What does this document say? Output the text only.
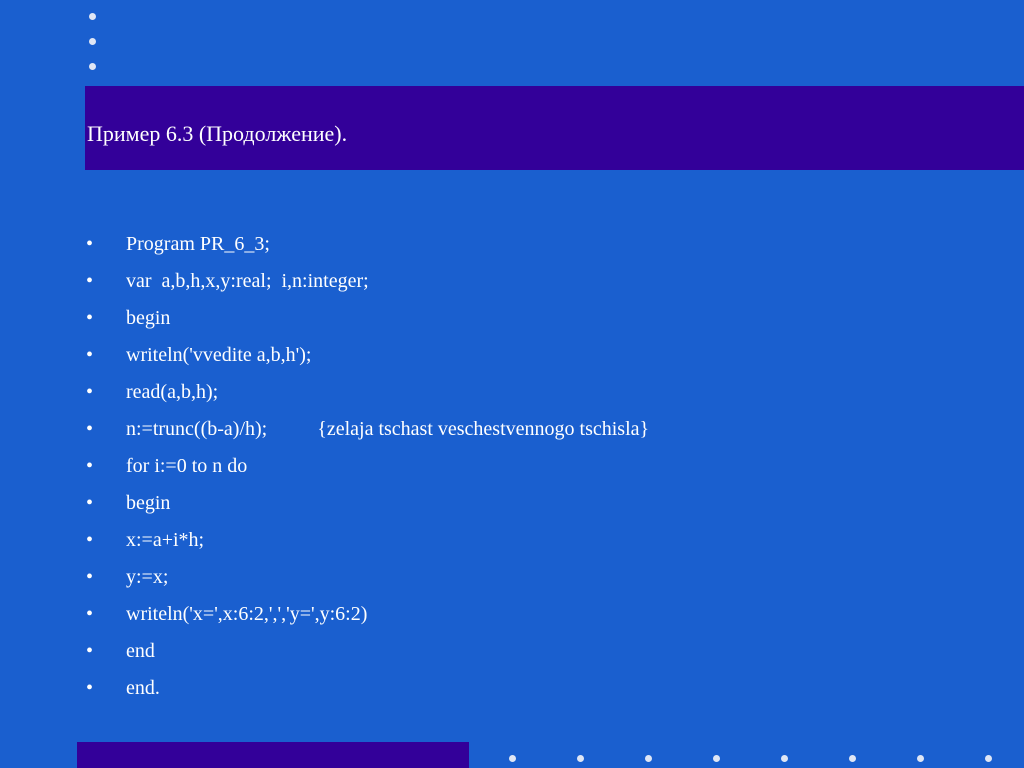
Пример 6.3 (Продолжение).
•	Program PR_6_3;
•	var  a,b,h,x,y:real;  i,n:integer;
•	begin
•	writeln('vvedite a,b,h');
•	read(a,b,h);
•	n:=trunc((b-a)/h);          {zelaja tschast veschestvennogo tschisla}
•	for i:=0 to n do
•	begin
•	x:=a+i*h;
•	y:=x;
•	writeln('x=',x:6:2,',','y=',y:6:2)
•	end
•	end.
